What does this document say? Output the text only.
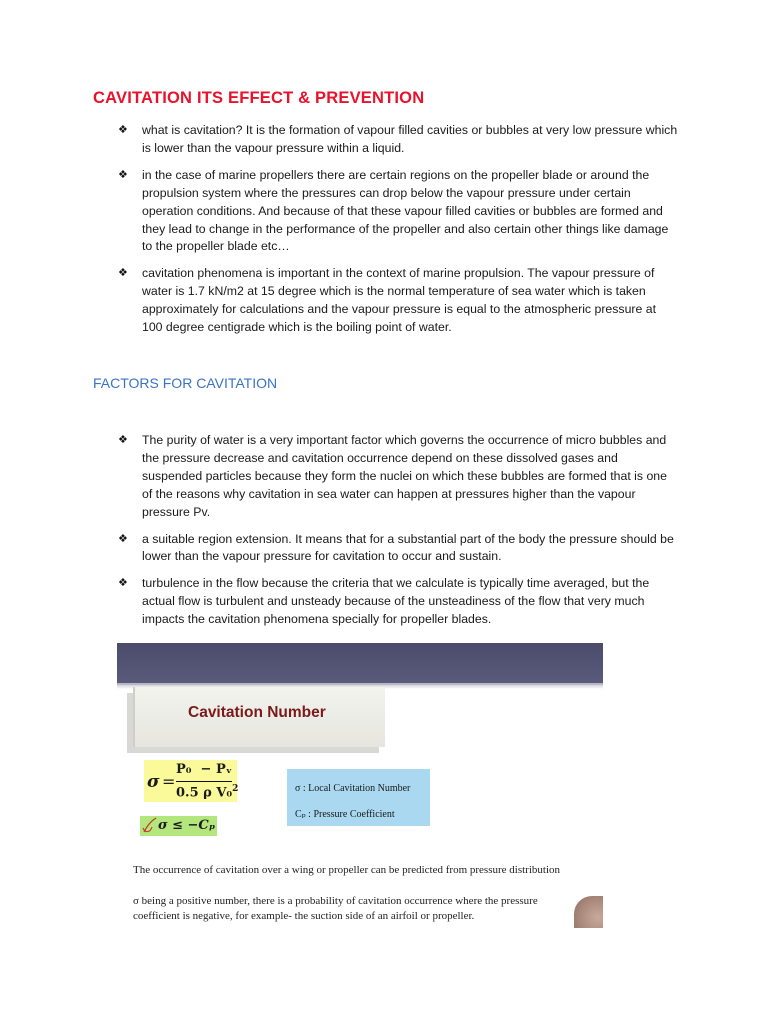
CAVITATION ITS EFFECT & PREVENTION
❖ what is cavitation? It is the formation of vapour filled cavities or bubbles at very low pressure which is lower than the vapour pressure within a liquid.
❖ in the case of marine propellers there are certain regions on the propeller blade or around the propulsion system where the pressures can drop below the vapour pressure under certain operation conditions. And because of that these vapour filled cavities or bubbles are formed and they lead to change in the performance of the propeller and also certain other things like damage to the propeller blade etc…
❖ cavitation phenomena is important in the context of marine propulsion. The vapour pressure of water is 1.7 kN/m2 at 15 degree which is the normal temperature of sea water which is taken approximately for calculations and the vapour pressure is equal to the atmospheric pressure at 100 degree centigrade which is the boiling point of water.
FACTORS FOR CAVITATION
❖ The purity of water is a very important factor which governs the occurrence of micro bubbles and the pressure decrease and cavitation occurrence depend on these dissolved gases and suspended particles because they form the nuclei on which these bubbles are formed that is one of the reasons why cavitation in sea water can happen at pressures higher than the vapour pressure Pv.
❖ a suitable region extension. It means that for a substantial part of the body the pressure should be lower than the vapour pressure for cavitation to occur and sustain.
❖ turbulence in the flow because the criteria that we calculate is typically time averaged, but the actual flow is turbulent and unsteady because of the unsteadiness of the flow that very much impacts the cavitation phenomena specially for propeller blades.
Cavitation Number
σ =
P₀  − Pᵥ
0.5 ρ V₀$^2$	σ : Local Cavitation Number
Cₚ : Pressure Coefficient
σ ≤ −Cₚ

The occurrence of cavitation over a wing or propeller can be predicted from pressure distribution

σ being a positive number, there is a probability of cavitation occurrence where the pressure
coefficient is negative, for example- the suction side of an airfoil or propeller.
